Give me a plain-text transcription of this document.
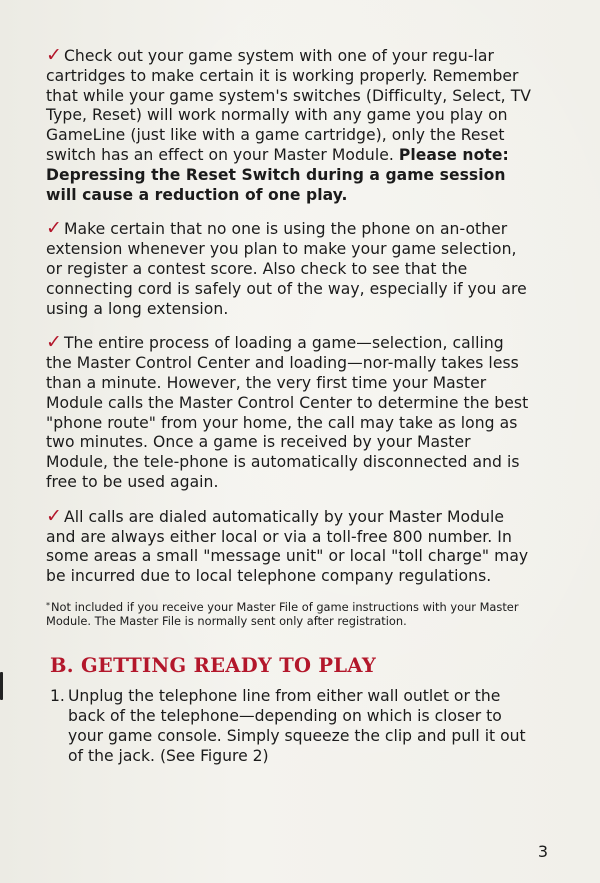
✓ Check out your game system with one of your regu-lar cartridges to make certain it is working properly. Remember that while your game system's switches (Difficulty, Select, TV Type, Reset) will work normally with any game you play on GameLine (just like with a game cartridge), only the Reset switch has an effect on your Master Module. Please note: Depressing the Reset Switch during a game session will cause a reduction of one play.

✓ Make certain that no one is using the phone on an-other extension whenever you plan to make your game selection, or register a contest score. Also check to see that the connecting cord is safely out of the way, especially if you are using a long extension.

✓ The entire process of loading a game—selection, calling the Master Control Center and loading—nor-mally takes less than a minute. However, the very first time your Master Module calls the Master Control Center to determine the best "phone route" from your home, the call may take as long as two minutes. Once a game is received by your Master Module, the tele-phone is automatically disconnected and is free to be used again.

✓ All calls are dialed automatically by your Master Module and are always either local or via a toll-free 800 number. In some areas a small "message unit" or local "toll charge" may be incurred due to local telephone company regulations.

*Not included if you receive your Master File of game instructions with your Master Module. The Master File is normally sent only after registration.

B. GETTING READY TO PLAY
1. Unplug the telephone line from either wall outlet or the back of the telephone—depending on which is closer to your game console. Simply squeeze the clip and pull it out of the jack. (See Figure 2)
3
